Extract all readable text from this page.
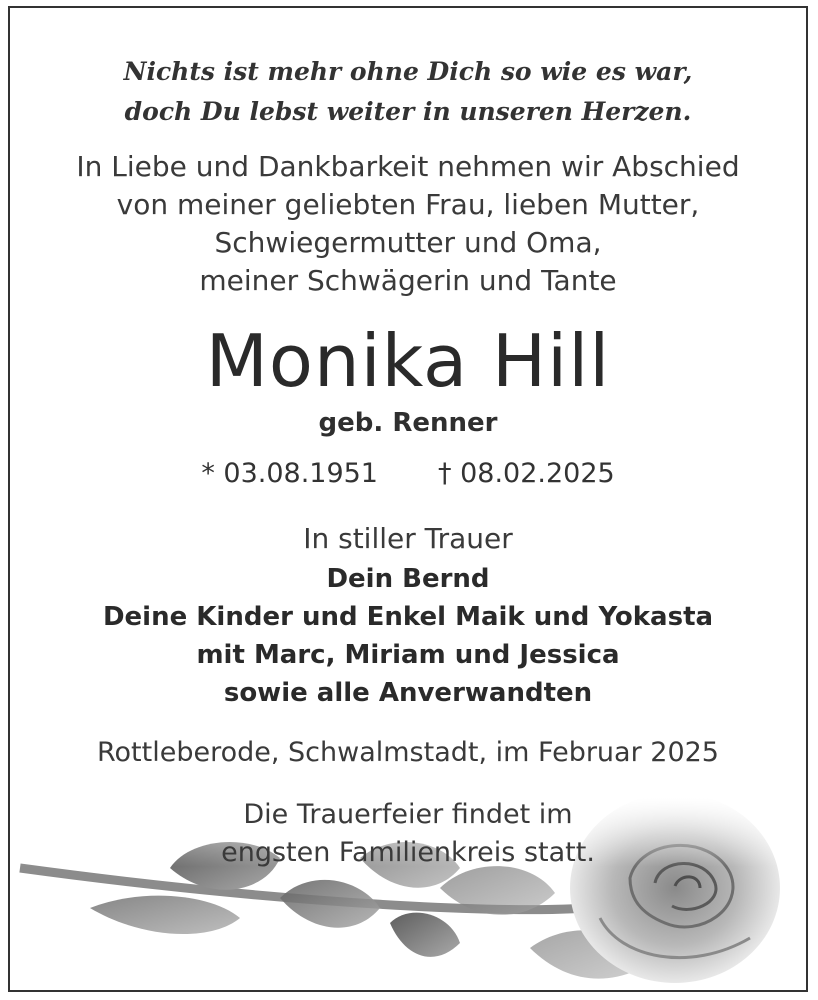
Nichts ist mehr ohne Dich so wie es war,
doch Du lebst weiter in unseren Herzen.
In Liebe und Dankbarkeit nehmen wir Abschied
von meiner geliebten Frau, lieben Mutter,
Schwiegermutter und Oma,
meiner Schwägerin und Tante
Monika Hill
geb. Renner
* 03.08.1951 † 08.02.2025
In stiller Trauer
Dein Bernd
Deine Kinder und Enkel Maik und Yokasta
mit Marc, Miriam und Jessica
sowie alle Anverwandten
Rottleberode, Schwalmstadt, im Februar 2025
Die Trauerfeier findet im
engsten Familienkreis statt.
